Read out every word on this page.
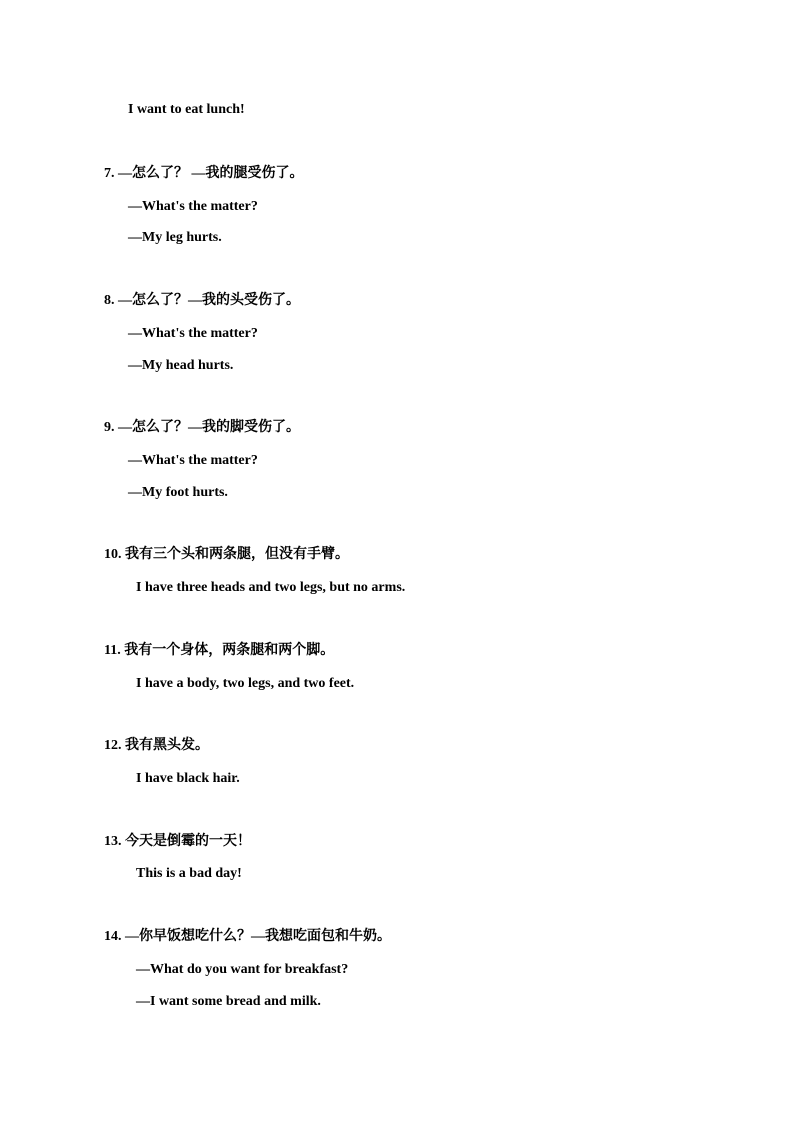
I want to eat lunch!
7. —怎么了？ —我的腿受伤了。
—What's the matter?
—My leg hurts.
8. —怎么了？—我的头受伤了。
—What's the matter?
—My head hurts.
9. —怎么了？—我的脚受伤了。
—What's the matter?
—My foot hurts.
10. 我有三个头和两条腿，但没有手臂。
I have three heads and two legs, but no arms.
11. 我有一个身体，两条腿和两个脚。
I have a body, two legs, and two feet.
12. 我有黑头发。
I have black hair.
13. 今天是倒霉的一天！
This is a bad day!
14. —你早饭想吃什么？—我想吃面包和牛奶。
—What do you want for breakfast?
—I want some bread and milk.
